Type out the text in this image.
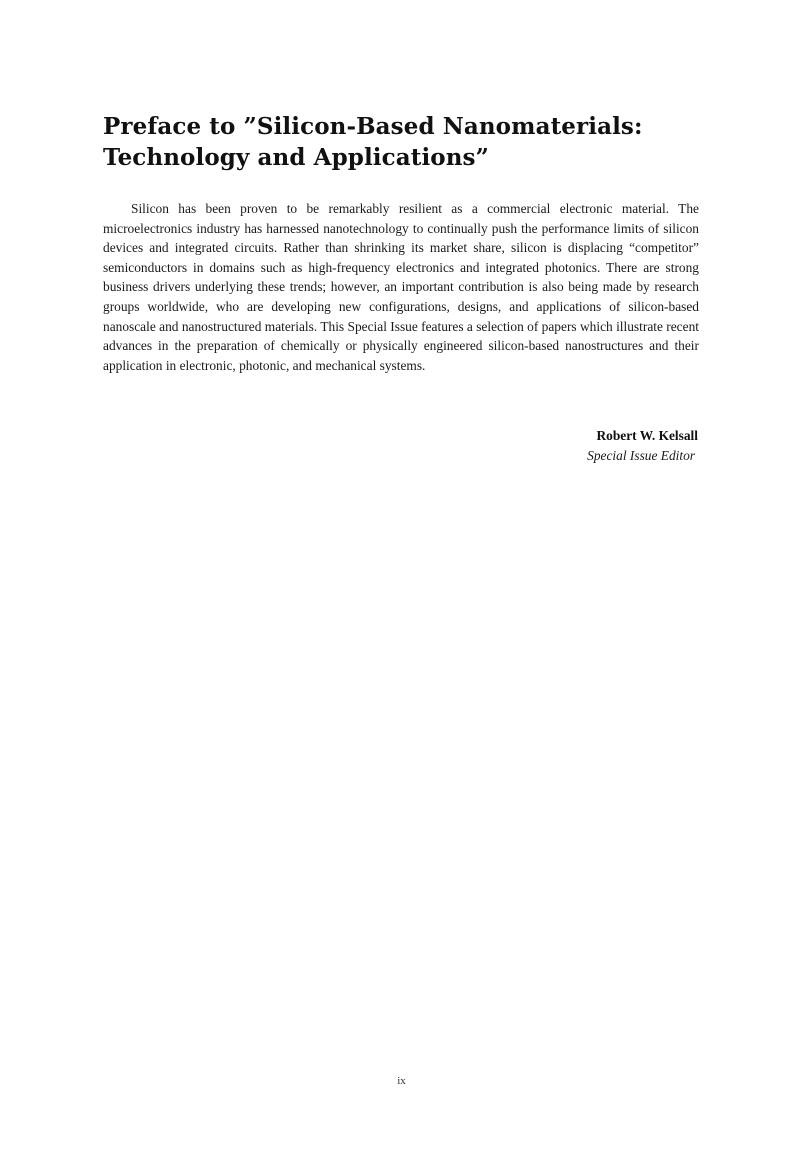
Preface to ”Silicon-Based Nanomaterials:
Technology and Applications”

Silicon has been proven to be remarkably resilient as a commercial electronic material. The microelectronics industry has harnessed nanotechnology to continually push the performance limits of silicon devices and integrated circuits. Rather than shrinking its market share, silicon is displacing “competitor” semiconductors in domains such as high-frequency electronics and integrated photonics. There are strong business drivers underlying these trends; however, an important contribution is also being made by research groups worldwide, who are developing new configurations, designs, and applications of silicon-based nanoscale and nanostructured materials. This Special Issue features a selection of papers which illustrate recent advances in the preparation of chemically or physically engineered silicon-based nanostructures and their application in electronic, photonic, and mechanical systems.

Robert W. Kelsall
Special Issue Editor
ix
